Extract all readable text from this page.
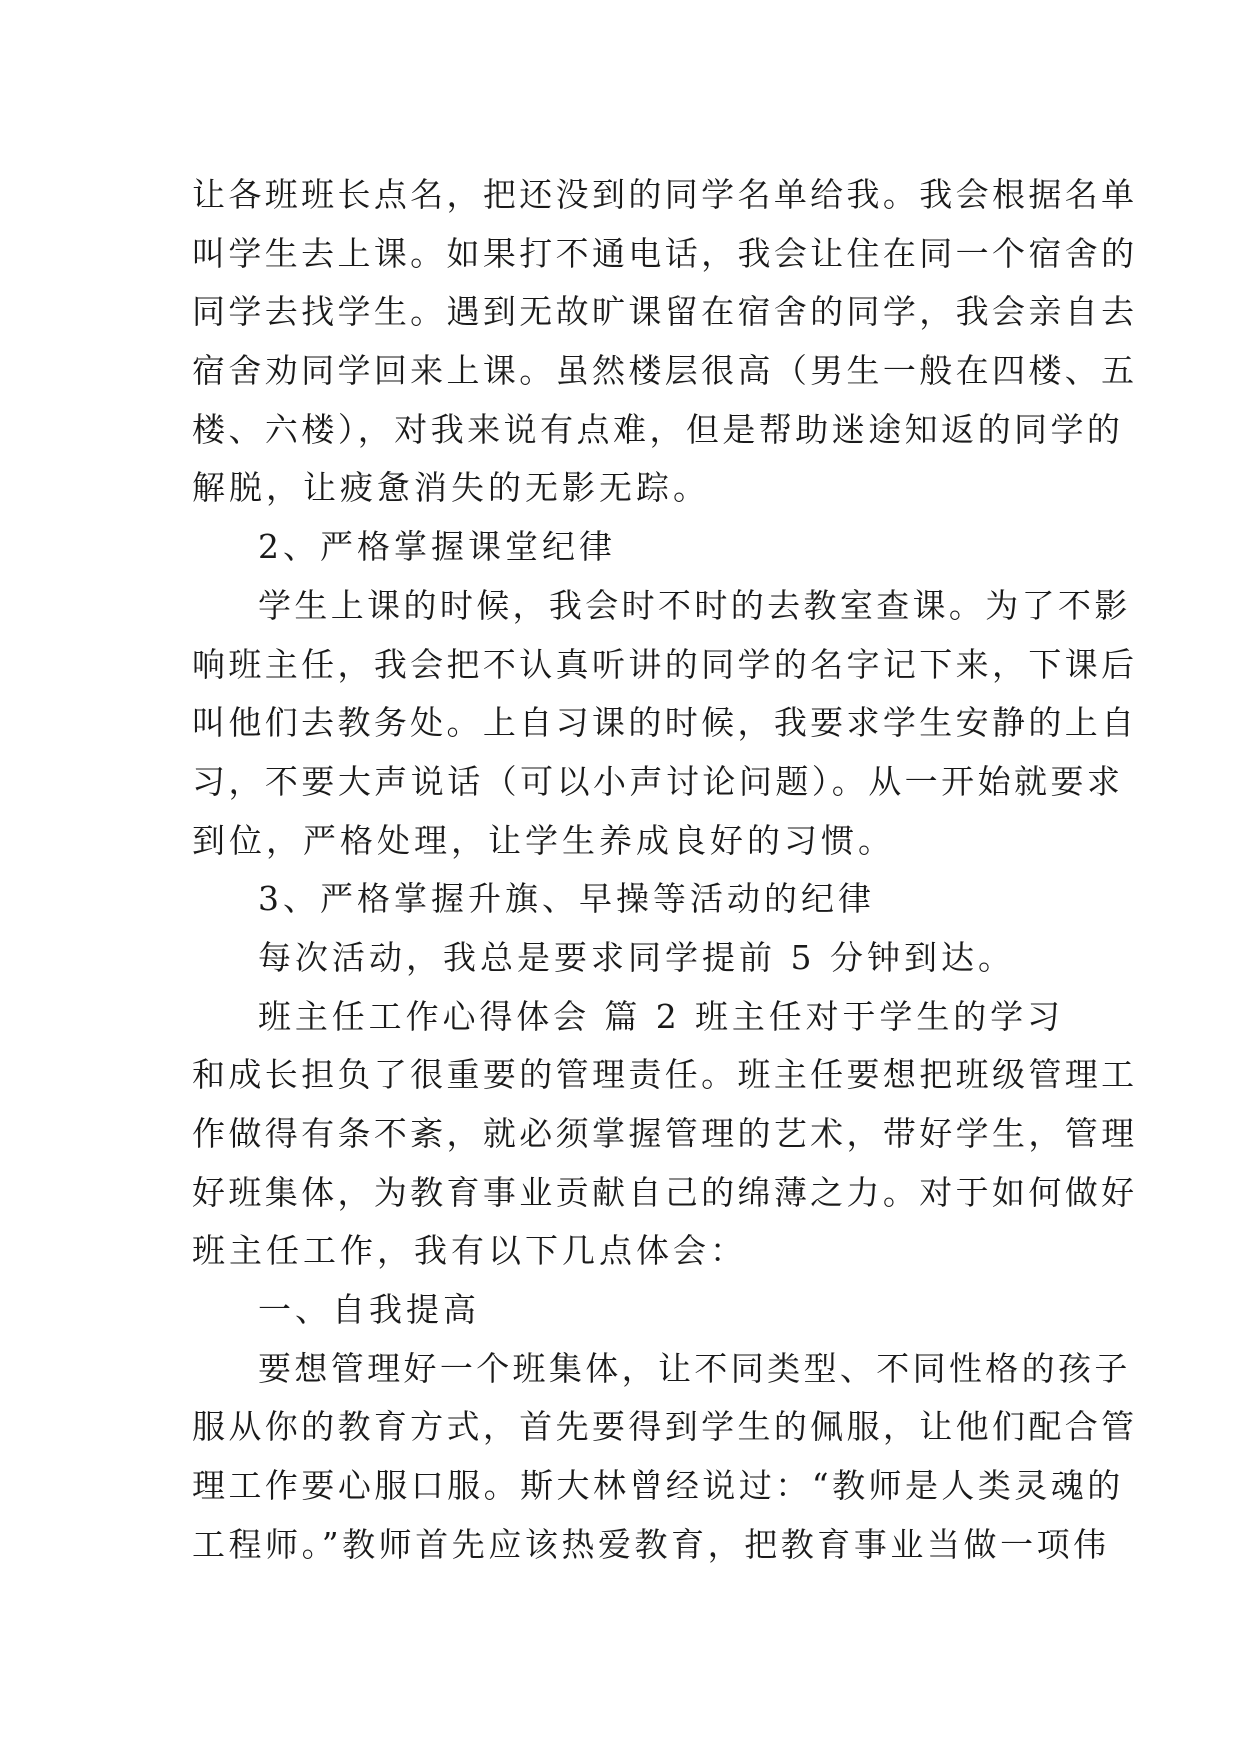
让各班班长点名，把还没到的同学名单给我。我会根据名单
叫学生去上课。如果打不通电话，我会让住在同一个宿舍的
同学去找学生。遇到无故旷课留在宿舍的同学，我会亲自去
宿舍劝同学回来上课。虽然楼层很高（男生一般在四楼、五
楼、六楼），对我来说有点难，但是帮助迷途知返的同学的
解脱，让疲惫消失的无影无踪。
2、严格掌握课堂纪律
学生上课的时候，我会时不时的去教室查课。为了不影
响班主任，我会把不认真听讲的同学的名字记下来，下课后
叫他们去教务处。上自习课的时候，我要求学生安静的上自
习，不要大声说话（可以小声讨论问题）。从一开始就要求
到位，严格处理，让学生养成良好的习惯。
3、严格掌握升旗、早操等活动的纪律
每次活动，我总是要求同学提前 5 分钟到达。
班主任工作心得体会 篇 2 班主任对于学生的学习
和成长担负了很重要的管理责任。班主任要想把班级管理工
作做得有条不紊，就必须掌握管理的艺术，带好学生，管理
好班集体，为教育事业贡献自己的绵薄之力。对于如何做好
班主任工作，我有以下几点体会：
一、自我提高
要想管理好一个班集体，让不同类型、不同性格的孩子
服从你的教育方式，首先要得到学生的佩服，让他们配合管
理工作要心服口服。斯大林曾经说过：“教师是人类灵魂的
工程师。”教师首先应该热爱教育，把教育事业当做一项伟
